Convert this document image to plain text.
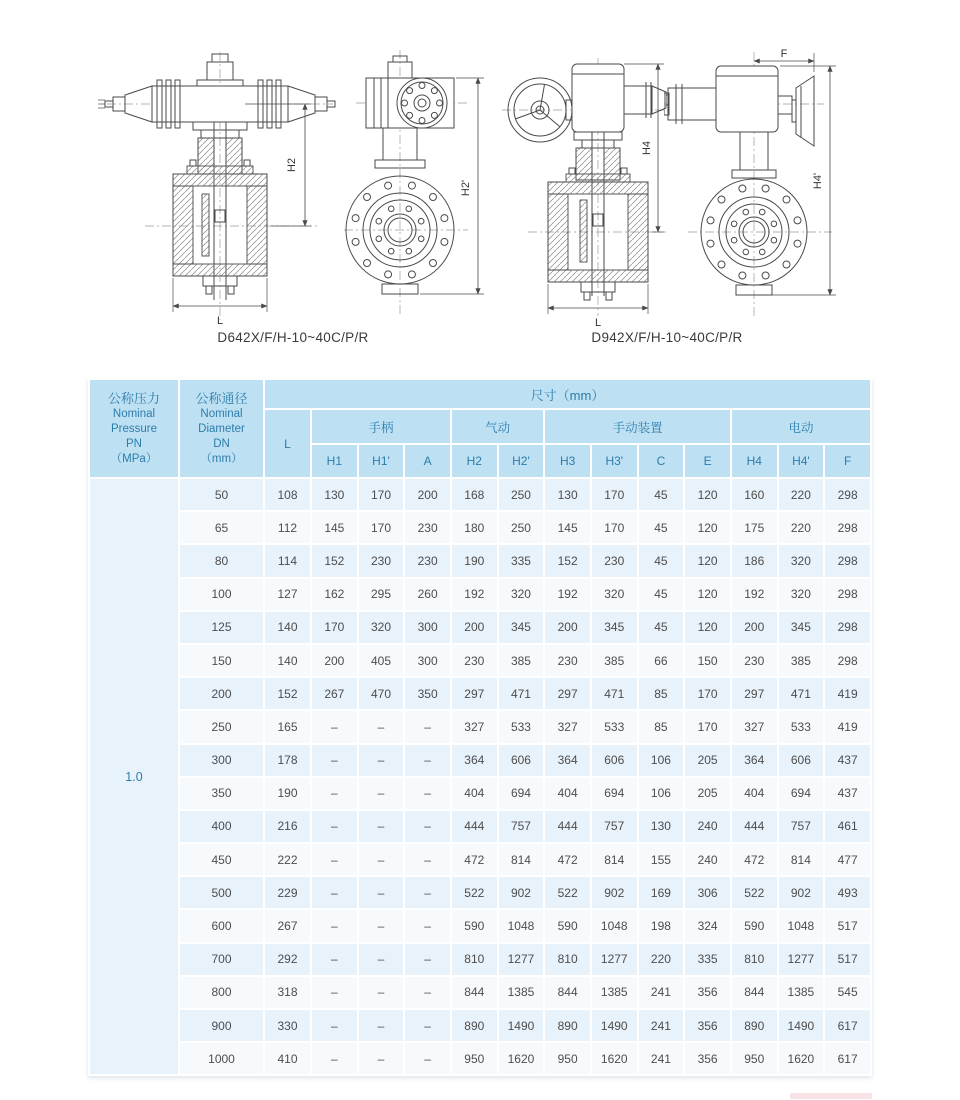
H2
L
H2'
H4
L
F
H4'
D642X/F/H-10~40C/P/R	D942X/F/H-10~40C/P/R
公称压力
Nominal
Pressure
PN
（MPa）

公称通径
Nominal
Diameter
DN
（mm）
	尺寸（mm）
		L	手柄			气动		手动装置				电动		
			H1	H1'	A	H2	H2'	H3	H3'	C	E	H4	H4'	F
1.0	50	108	130	170	200	168	250	130	170	45	120	160	220	298
	65	112	145	170	230	180	250	145	170	45	120	175	220	298
	80	114	152	230	230	190	335	152	230	45	120	186	320	298
	100	127	162	295	260	192	320	192	320	45	120	192	320	298
	125	140	170	320	300	200	345	200	345	45	120	200	345	298
	150	140	200	405	300	230	385	230	385	66	150	230	385	298
	200	152	267	470	350	297	471	297	471	85	170	297	471	419
	250	165	–	–	–	327	533	327	533	85	170	327	533	419
	300	178	–	–	–	364	606	364	606	106	205	364	606	437
	350	190	–	–	–	404	694	404	694	106	205	404	694	437
	400	216	–	–	–	444	757	444	757	130	240	444	757	461
	450	222	–	–	–	472	814	472	814	155	240	472	814	477
	500	229	–	–	–	522	902	522	902	169	306	522	902	493
	600	267	–	–	–	590	1048	590	1048	198	324	590	1048	517
	700	292	–	–	–	810	1277	810	1277	220	335	810	1277	517
	800	318	–	–	–	844	1385	844	1385	241	356	844	1385	545
	900	330	–	–	–	890	1490	890	1490	241	356	890	1490	617
	1000	410	–	–	–	950	1620	950	1620	241	356	950	1620	617
